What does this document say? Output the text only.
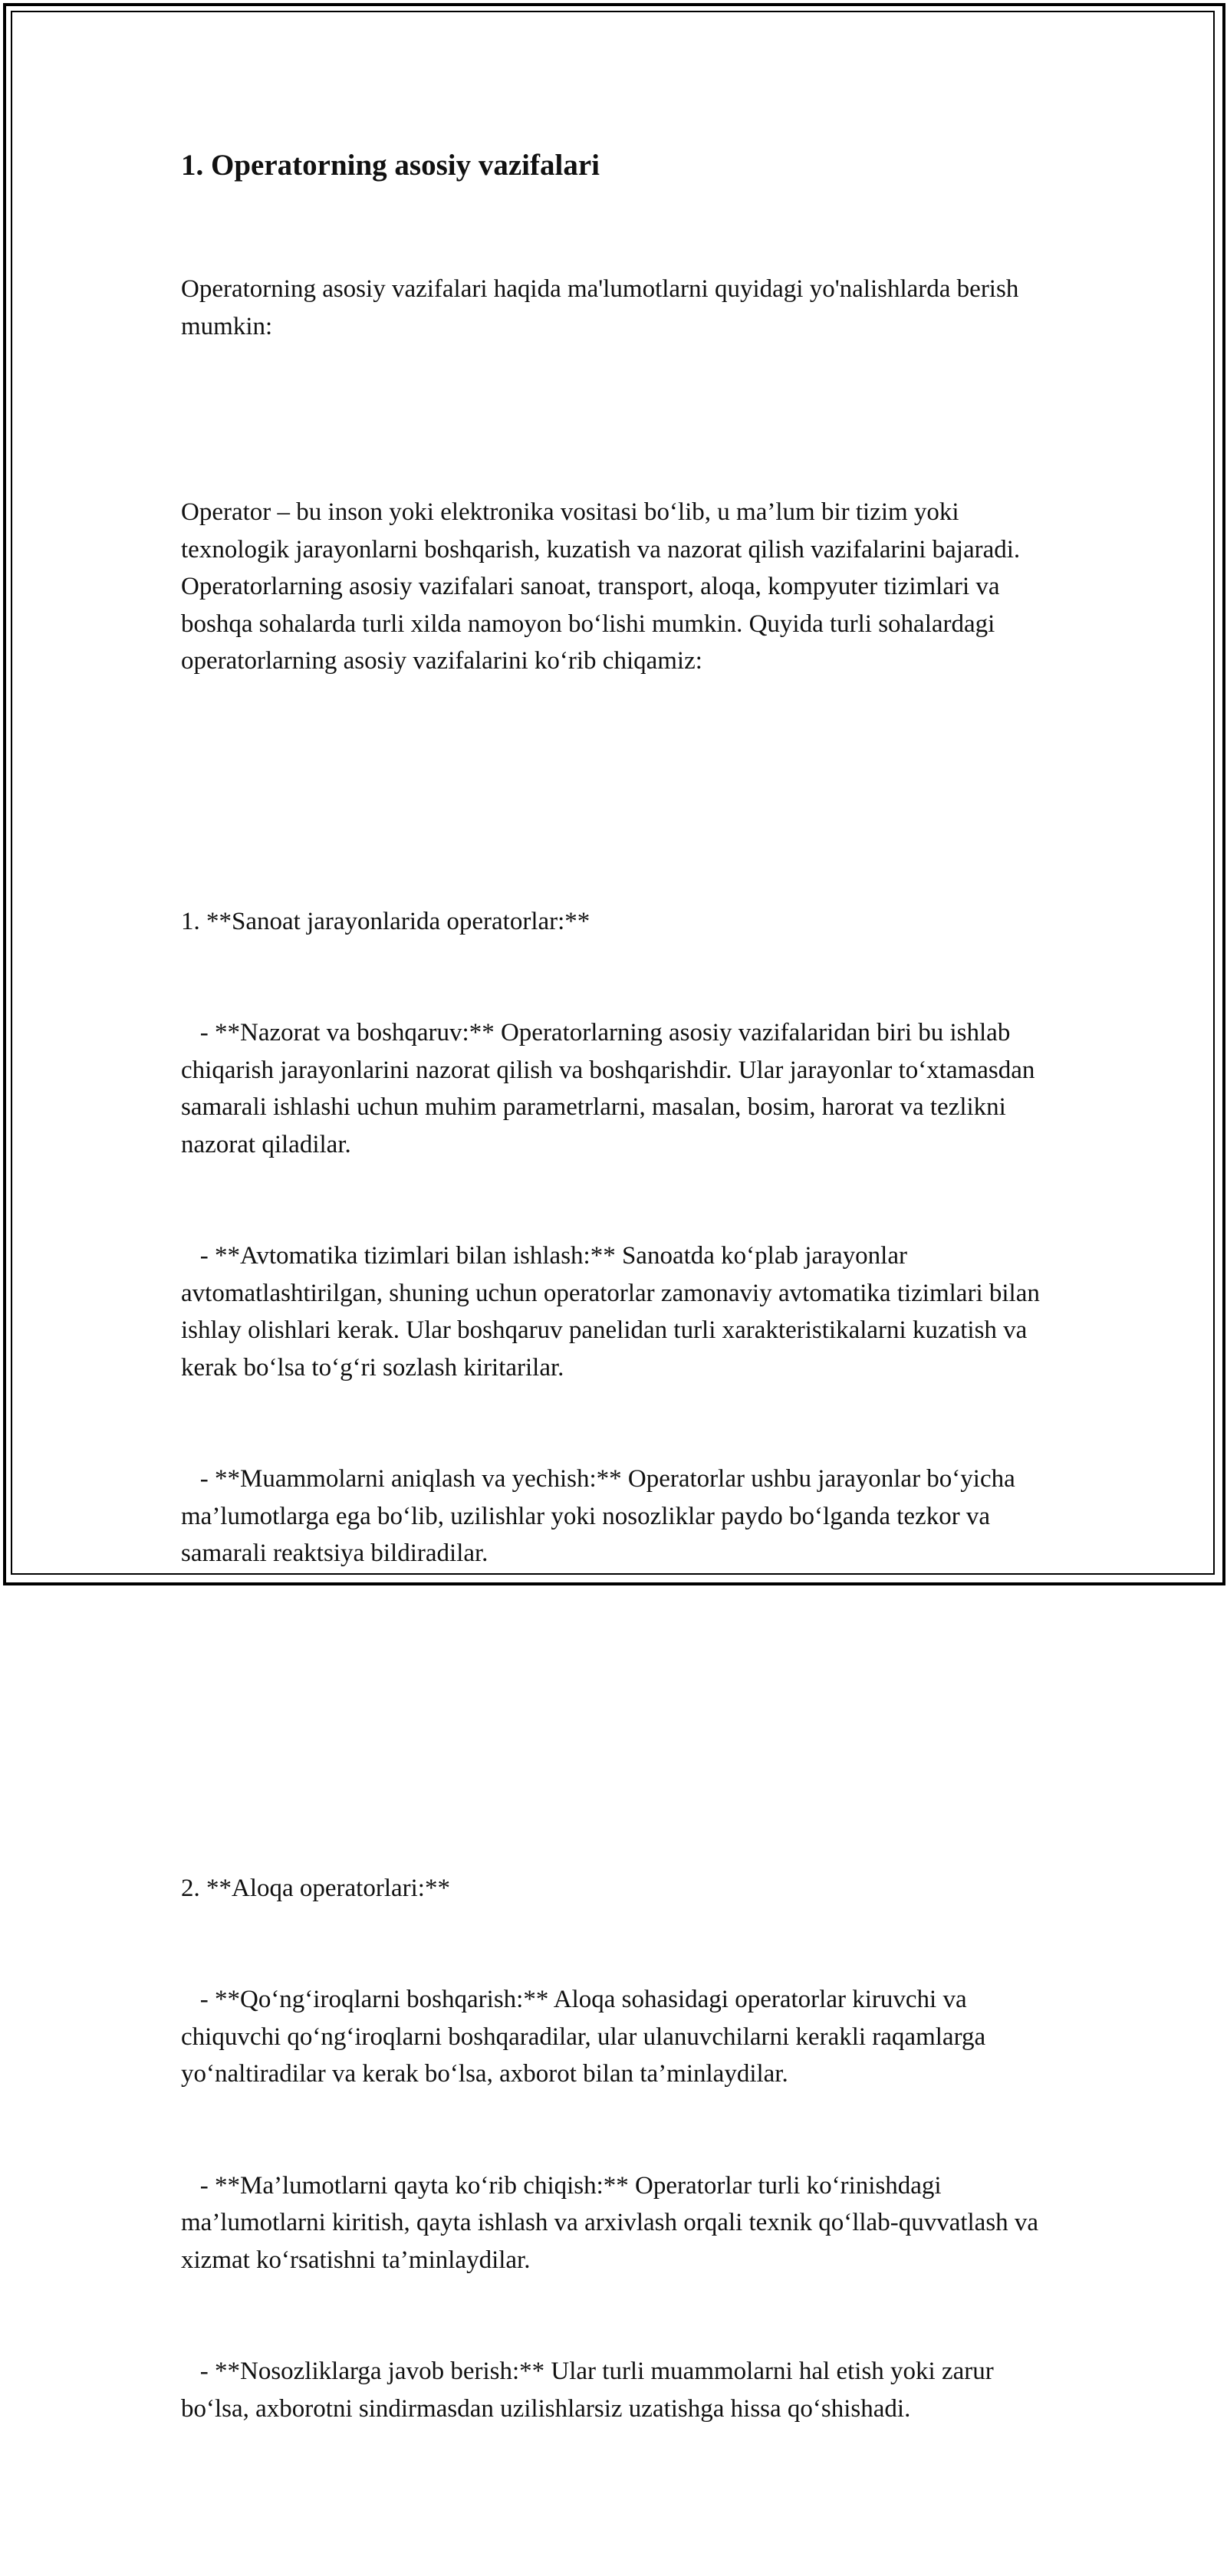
1. Operatorning asosiy vazifalari

Operatorning asosiy vazifalari haqida ma'lumotlarni quyidagi yo'nalishlarda berish mumkin:

Operator – bu inson yoki elektronika vositasi bo‘lib, u ma’lum bir tizim yoki texnologik jarayonlarni boshqarish, kuzatish va nazorat qilish vazifalarini bajaradi. Operatorlarning asosiy vazifalari sanoat, transport, aloqa, kompyuter tizimlari va boshqa sohalarda turli xilda namoyon bo‘lishi mumkin. Quyida turli sohalardagi operatorlarning asosiy vazifalarini ko‘rib chiqamiz:

1. **Sanoat jarayonlarida operatorlar:**

- **Nazorat va boshqaruv:** Operatorlarning asosiy vazifalaridan biri bu ishlab chiqarish jarayonlarini nazorat qilish va boshqarishdir. Ular jarayonlar to‘xtamasdan samarali ishlashi uchun muhim parametrlarni, masalan, bosim, harorat va tezlikni nazorat qiladilar.

- **Avtomatika tizimlari bilan ishlash:** Sanoatda ko‘plab jarayonlar avtomatlashtirilgan, shuning uchun operatorlar zamonaviy avtomatika tizimlari bilan ishlay olishlari kerak. Ular boshqaruv panelidan turli xarakteristikalarni kuzatish va kerak bo‘lsa to‘g‘ri sozlash kiritarilar.

- **Muammolarni aniqlash va yechish:** Operatorlar ushbu jarayonlar bo‘yicha ma’lumotlarga ega bo‘lib, uzilishlar yoki nosozliklar paydo bo‘lganda tezkor va samarali reaktsiya bildiradilar.

2. **Aloqa operatorlari:**

- **Qo‘ng‘iroqlarni boshqarish:** Aloqa sohasidagi operatorlar kiruvchi va chiquvchi qo‘ng‘iroqlarni boshqaradilar, ular ulanuvchilarni kerakli raqamlarga yo‘naltiradilar va kerak bo‘lsa, axborot bilan ta’minlaydilar.

- **Ma’lumotlarni qayta ko‘rib chiqish:** Operatorlar turli ko‘rinishdagi ma’lumotlarni kiritish, qayta ishlash va arxivlash orqali texnik qo‘llab-quvvatlash va xizmat ko‘rsatishni ta’minlaydilar.

- **Nosozliklarga javob berish:** Ular turli muammolarni hal etish yoki zarur bo‘lsa, axborotni sindirmasdan uzilishlarsiz uzatishga hissa qo‘shishadi.
